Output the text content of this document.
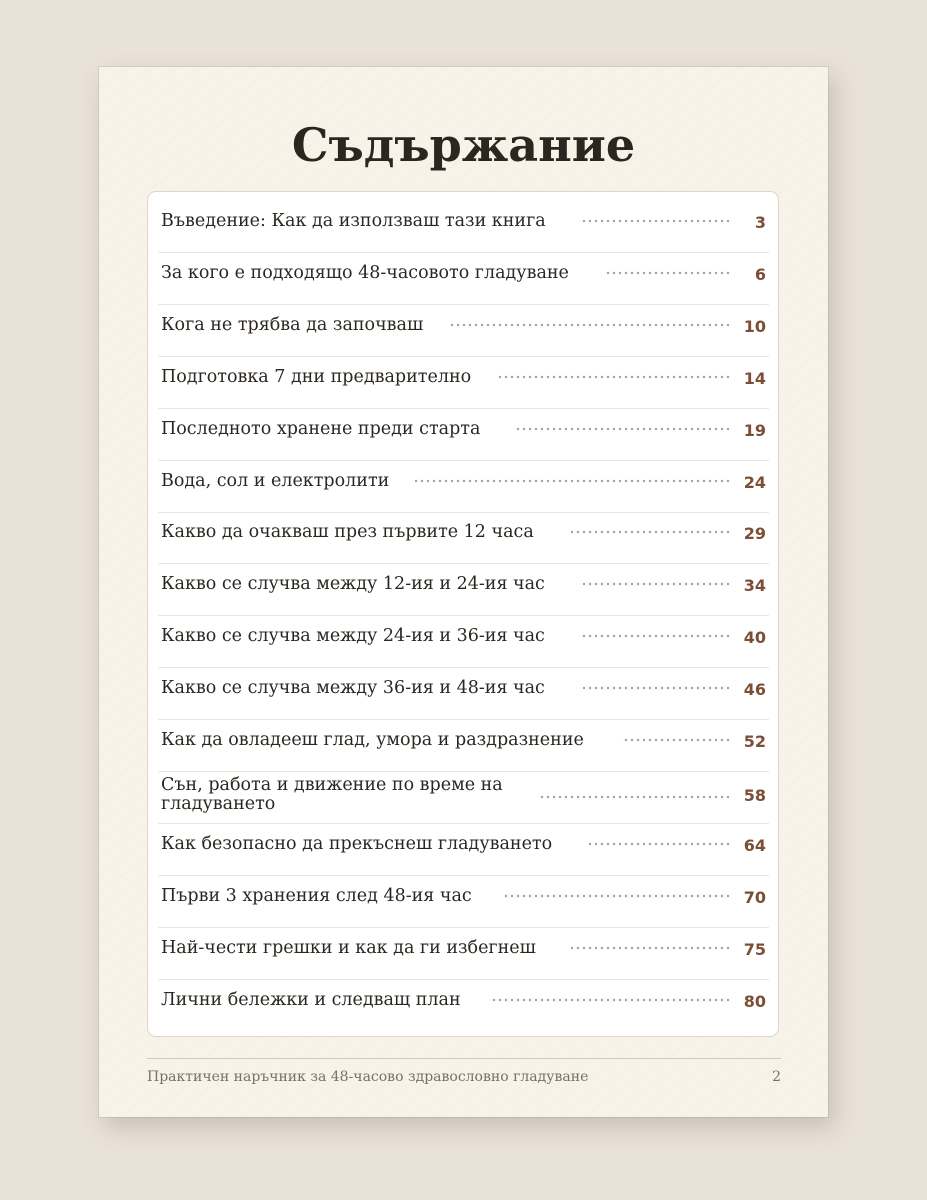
Съдържание
Въведение: Как да използваш тази книга	3
За кого е подходящо 48-часовото гладуване	6
Кога не трябва да започваш	10
Подготовка 7 дни предварително	14
Последното хранене преди старта	19
Вода, сол и електролити	24
Какво да очакваш през първите 12 часа	29
Какво се случва между 12-ия и 24-ия час	34
Какво се случва между 24-ия и 36-ия час	40
Какво се случва между 36-ия и 48-ия час	46
Как да овладееш глад, умора и раздразнение	52
Сън, работа и движение по време на гладуването	58
Как безопасно да прекъснеш гладуването	64
Първи 3 хранения след 48-ия час	70
Най-чести грешки и как да ги избегнеш	75
Лични бележки и следващ план	80
Практичен наръчник за 48-часово здравословно гладуване	2
